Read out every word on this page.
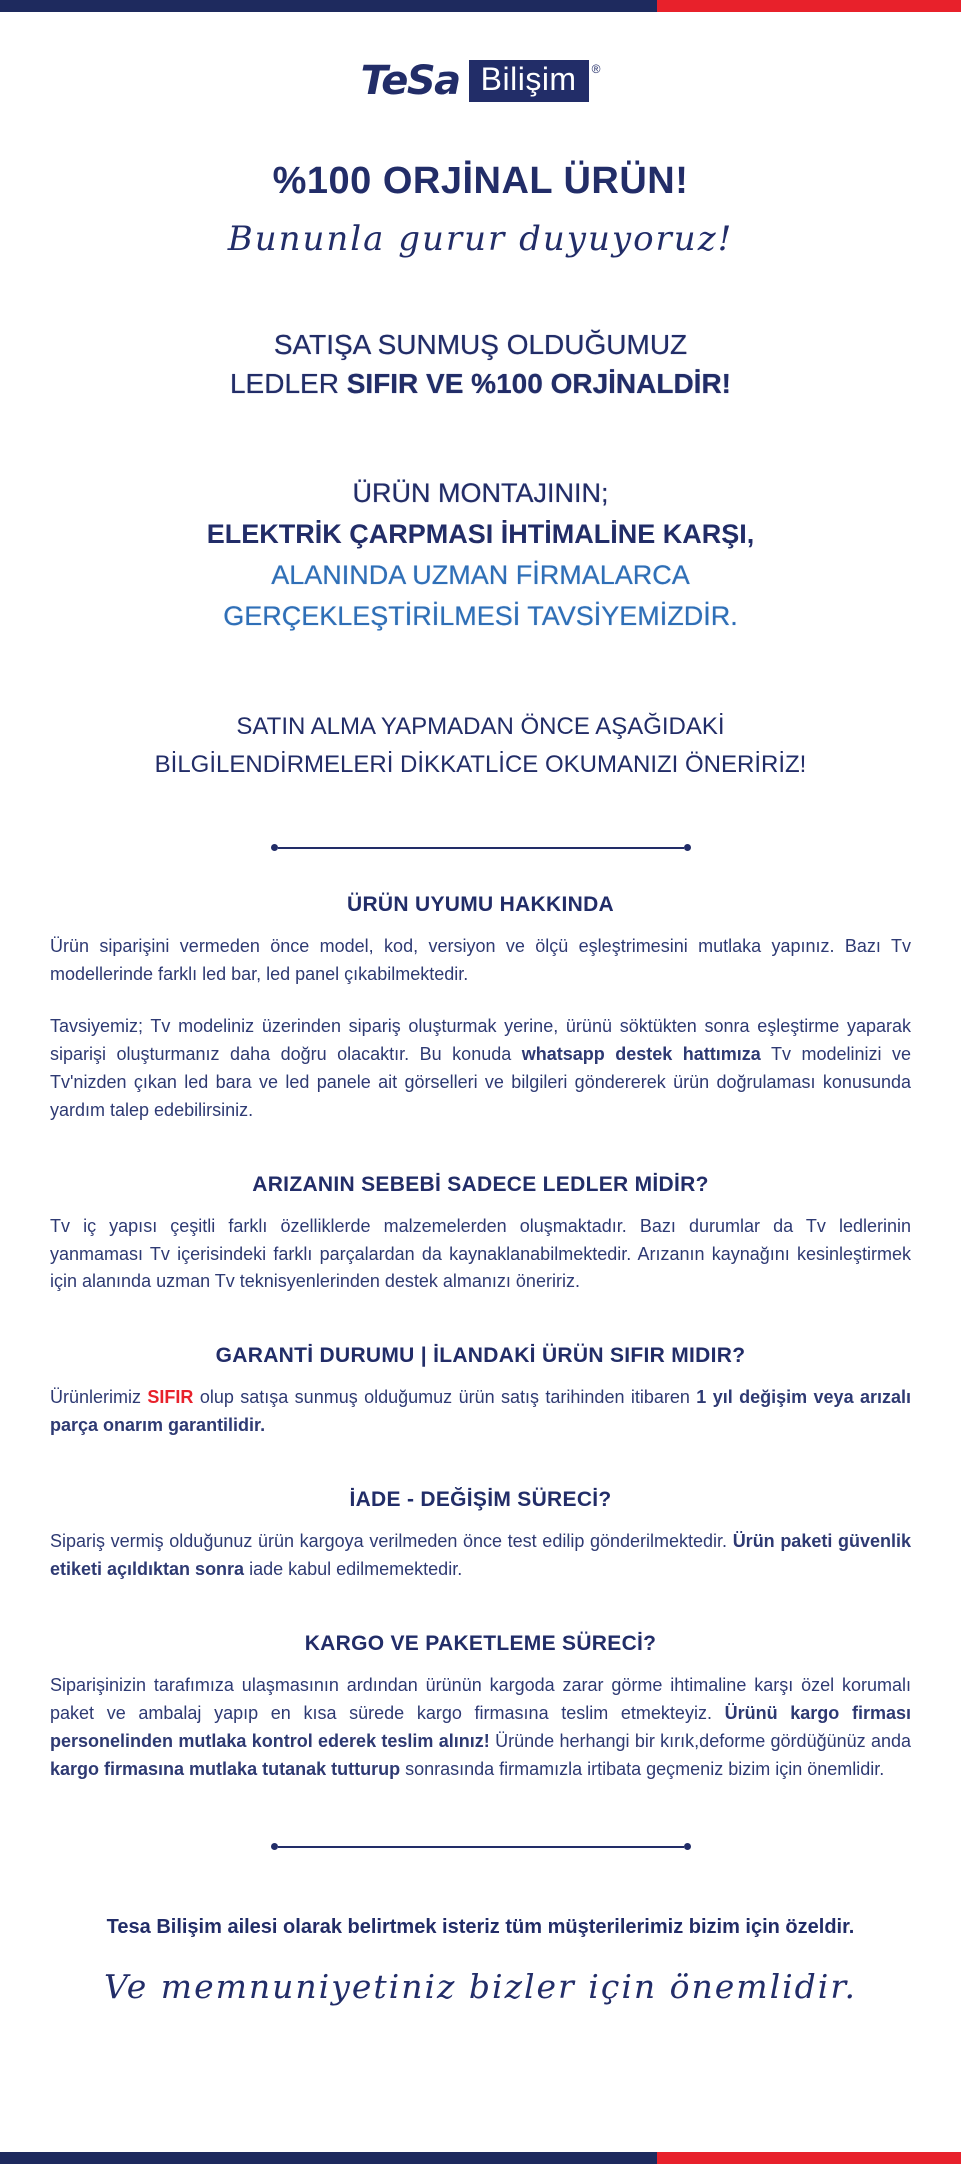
TeSa Bilişim	®
%100 ORJİNAL ÜRÜN!
Bununla gurur duyuyoruz!
SATIŞA SUNMUŞ OLDUĞUMUZ
LEDLER SIFIR VE %100 ORJİNALDİR!
ÜRÜN MONTAJININ;
ELEKTRİK ÇARPMASI İHTİMALİNE KARŞI,
ALANINDA UZMAN FİRMALARCA
GERÇEKLEŞTİRİLMESİ TAVSİYEMİZDİR.
SATIN ALMA YAPMADAN ÖNCE AŞAĞIDAKİ
BİLGİLENDİRMELERİ DİKKATLİCE OKUMANIZI ÖNERİRİZ!
ÜRÜN UYUMU HAKKINDA

Ürün siparişini vermeden önce model, kod, versiyon ve ölçü eşleştrimesini mutlaka yapınız. Bazı Tv modellerinde farklı led bar, led panel çıkabilmektedir.

Tavsiyemiz; Tv modeliniz üzerinden sipariş oluşturmak yerine, ürünü söktükten sonra eşleştirme yaparak siparişi oluşturmanız daha doğru olacaktır. Bu konuda whatsapp destek hattımıza Tv modelinizi ve Tv'nizden çıkan led bara ve led panele ait görselleri ve bilgileri göndererek ürün doğrulaması konusunda yardım talep edebilirsiniz.

ARIZANIN SEBEBİ SADECE LEDLER MİDİR?

Tv iç yapısı çeşitli farklı özelliklerde malzemelerden oluşmaktadır. Bazı durumlar da Tv ledlerinin yanmaması Tv içerisindeki farklı parçalardan da kaynaklanabilmektedir. Arızanın kaynağını kesinleştirmek için alanında uzman Tv teknisyenlerinden destek almanızı öneririz.

GARANTİ DURUMU | İLANDAKİ ÜRÜN SIFIR MIDIR?

Ürünlerimiz SIFIR olup satışa sunmuş olduğumuz ürün satış tarihinden itibaren 1 yıl değişim veya arızalı parça onarım garantilidir.

İADE - DEĞİŞİM SÜRECİ?

Sipariş vermiş olduğunuz ürün kargoya verilmeden önce test edilip gönderilmektedir. Ürün paketi güvenlik etiketi açıldıktan sonra iade kabul edilmemektedir.

KARGO VE PAKETLEME SÜRECİ?

Siparişinizin tarafımıza ulaşmasının ardından ürünün kargoda zarar görme ihtimaline karşı özel korumalı paket ve ambalaj yapıp en kısa sürede kargo firmasına teslim etmekteyiz. Ürünü kargo firması personelinden mutlaka kontrol ederek teslim alınız! Üründe herhangi bir kırık,deforme gördüğünüz anda kargo firmasına mutlaka tutanak tutturup sonrasında firmamızla irtibata geçmeniz bizim için önemlidir.

Tesa Bilişim ailesi olarak belirtmek isteriz tüm müşterilerimiz bizim için özeldir.
Ve memnuniyetiniz bizler için önemlidir.
